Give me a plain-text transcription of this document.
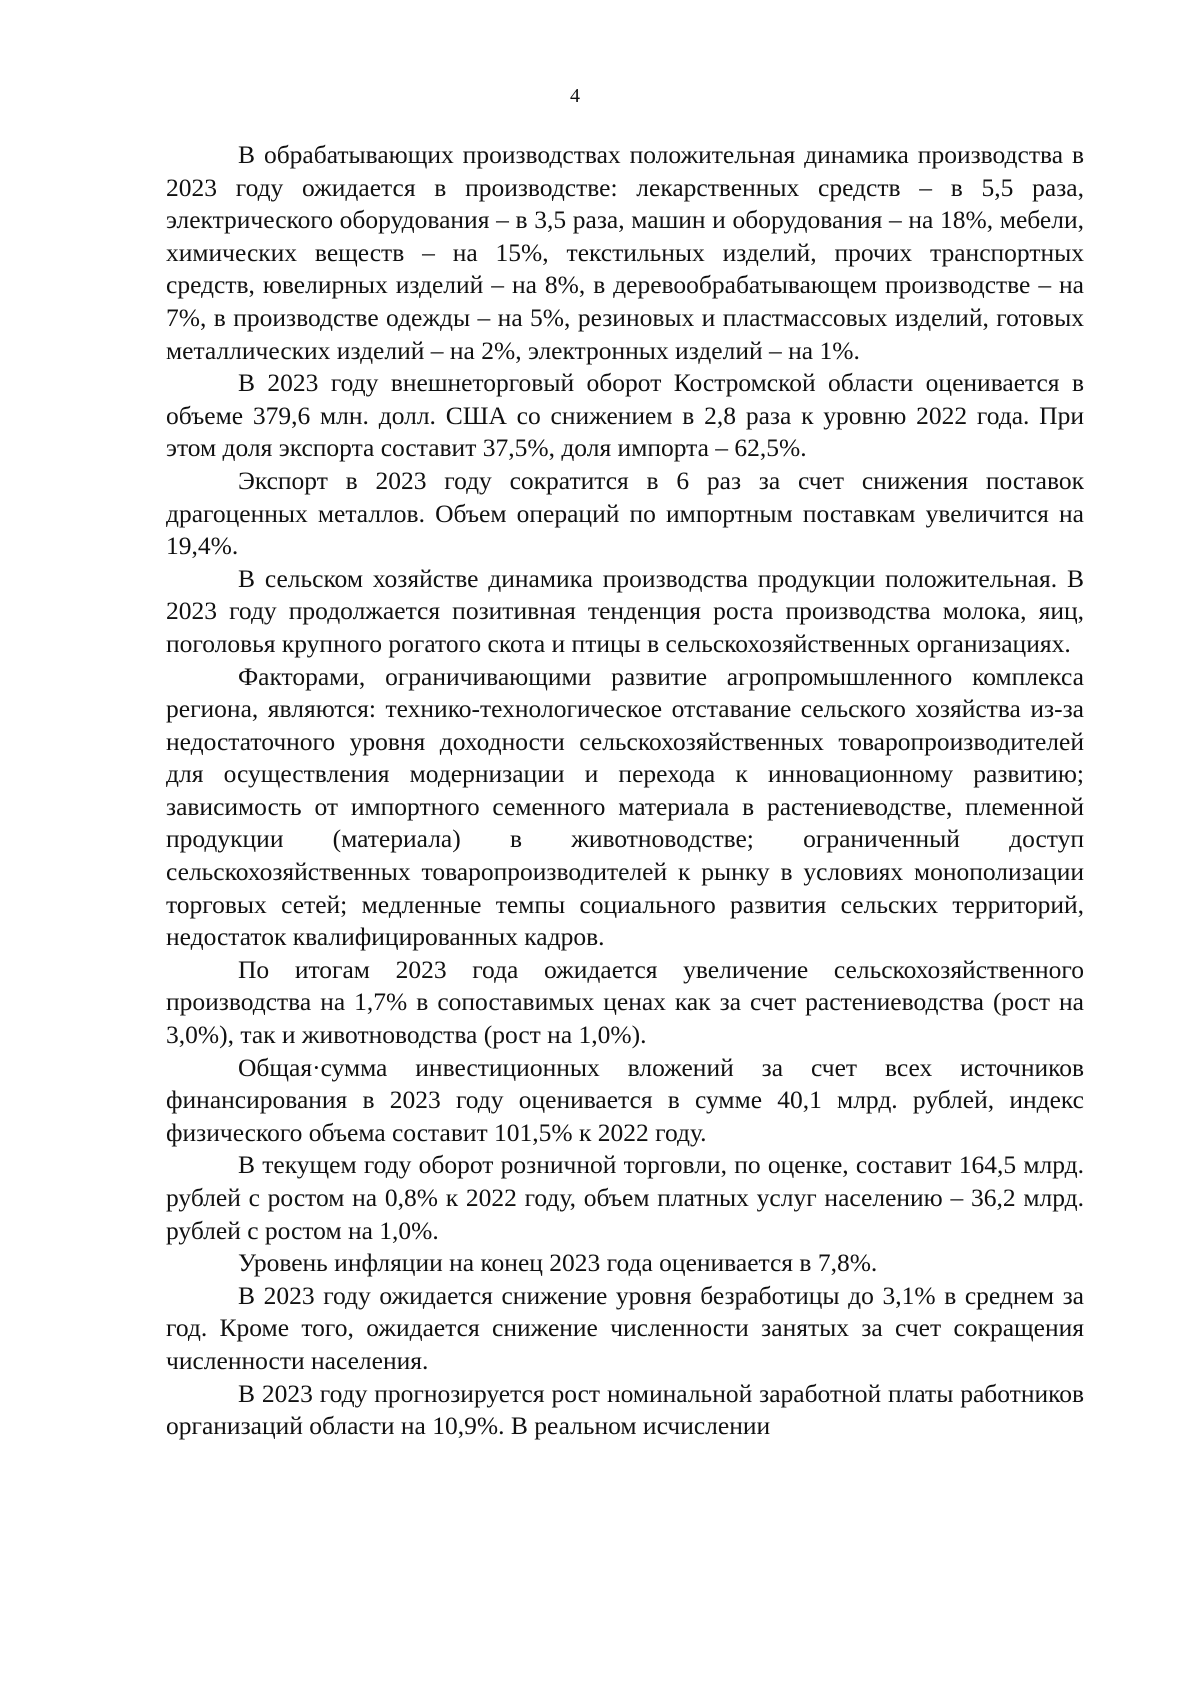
4

В обрабатывающих производствах положительная динамика производства в 2023 году ожидается в производстве: лекарственных средств – в 5,5 раза, электрического оборудования – в 3,5 раза, машин и оборудования – на 18%, мебели, химических веществ – на 15%, текстильных изделий, прочих транспортных средств, ювелирных изделий – на 8%, в деревообрабатывающем производстве – на 7%, в производстве одежды – на 5%, резиновых и пластмассовых изделий, готовых металлических изделий – на 2%, электронных изделий – на 1%.

В 2023 году внешнеторговый оборот Костромской области оценивается в объеме 379,6 млн. долл. США со снижением в 2,8 раза к уровню 2022 года. При этом доля экспорта составит 37,5%, доля импорта – 62,5%.

Экспорт в 2023 году сократится в 6 раз за счет снижения поставок драгоценных металлов. Объем операций по импортным поставкам увеличится на 19,4%.

В сельском хозяйстве динамика производства продукции положительная. В 2023 году продолжается позитивная тенденция роста производства молока, яиц, поголовья крупного рогатого скота и птицы в сельскохозяйственных организациях.

Факторами, ограничивающими развитие агропромышленного комплекса региона, являются: технико-технологическое отставание сельского хозяйства из-за недостаточного уровня доходности сельскохозяйственных товаропроизводителей для осуществления модернизации и перехода к инновационному развитию; зависимость от импортного семенного материала в растениеводстве, племенной продукции (материала) в животноводстве; ограниченный доступ сельскохозяйственных товаропроизводителей к рынку в условиях монополизации торговых сетей; медленные темпы социального развития сельских территорий, недостаток квалифицированных кадров.

По итогам 2023 года ожидается увеличение сельскохозяйственного производства на 1,7% в сопоставимых ценах как за счет растениеводства (рост на 3,0%), так и животноводства (рост на 1,0%).

Общая·сумма инвестиционных вложений за счет всех источников финансирования в 2023 году оценивается в сумме 40,1 млрд. рублей, индекс физического объема составит 101,5% к 2022 году.

В текущем году оборот розничной торговли, по оценке, составит 164,5 млрд. рублей с ростом на 0,8% к 2022 году, объем платных услуг населению – 36,2 млрд. рублей с ростом на 1,0%.

Уровень инфляции на конец 2023 года оценивается в 7,8%.

В 2023 году ожидается снижение уровня безработицы до 3,1% в среднем за год. Кроме того, ожидается снижение численности занятых за счет сокращения численности населения.

В 2023 году прогнозируется рост номинальной заработной платы работников организаций области на 10,9%. В реальном исчислении
